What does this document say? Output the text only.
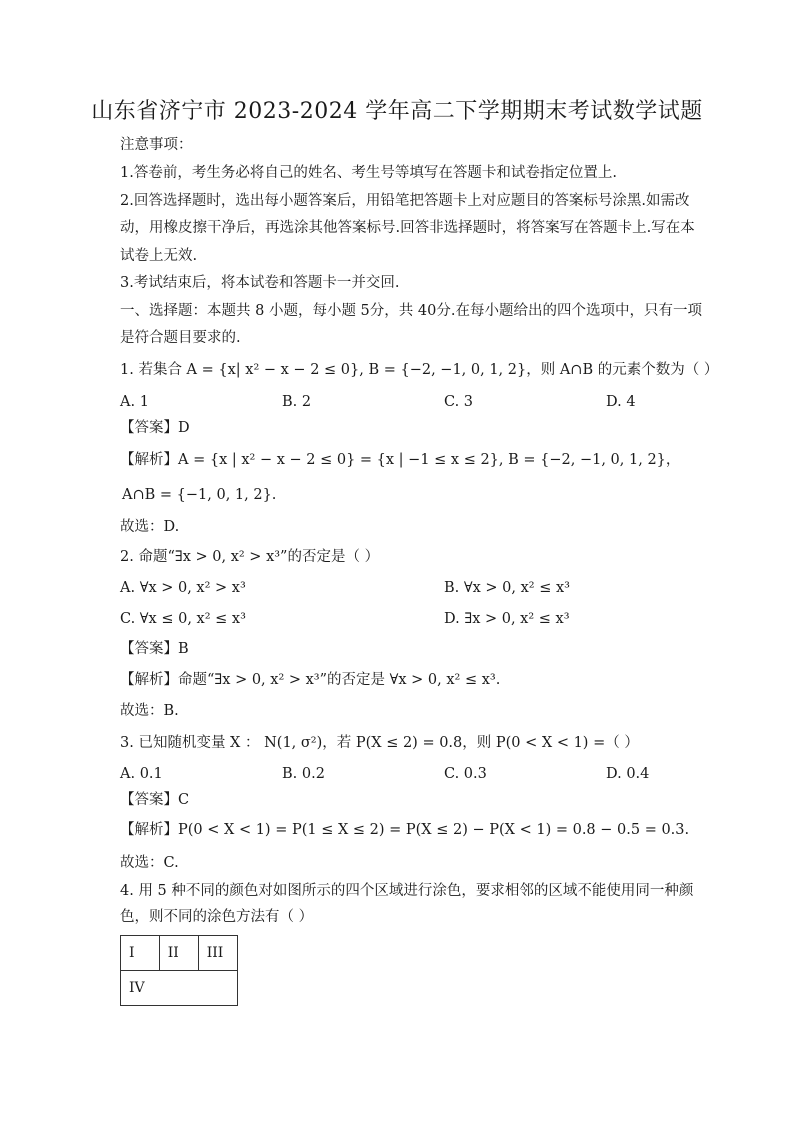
山东省济宁市 2023-2024 学年高二下学期期末考试数学试题
注意事项：
1.答卷前，考生务必将自己的姓名、考生号等填写在答题卡和试卷指定位置上.
2.回答选择题时，选出每小题答案后，用铅笔把答题卡上对应题目的答案标号涂黑.如需改
动，用橡皮擦干净后，再选涂其他答案标号.回答非选择题时，将答案写在答题卡上.写在本
试卷上无效.
3.考试结束后，将本试卷和答题卡一并交回.
一、选择题：本题共 8 小题，每小题 5分，共 40分.在每小题给出的四个选项中，只有一项
是符合题目要求的.
1. 若集合 A = {x| x² − x − 2 ≤ 0}, B = {−2, −1, 0, 1, 2}，则 A∩B 的元素个数为（ ）
A. 1	B. 2	C. 3	D. 4
【答案】D
【解析】A = {x | x² − x − 2 ≤ 0} = {x | −1 ≤ x ≤ 2}, B = {−2, −1, 0, 1, 2}，
A∩B = {−1, 0, 1, 2}.
故选：D.
2. 命题“∃x > 0, x² > x³”的否定是（ ）
A. ∀x > 0, x² > x³	B. ∀x > 0, x² ≤ x³
C. ∀x ≤ 0, x² ≤ x³	D. ∃x > 0, x² ≤ x³
【答案】B
【解析】命题“∃x > 0, x² > x³”的否定是 ∀x > 0, x² ≤ x³.
故选：B.
3. 已知随机变量 X ： N(1, σ²)，若 P(X ≤ 2) = 0.8，则 P(0 < X < 1) =（ ）
A. 0.1	B. 0.2	C. 0.3	D. 0.4
【答案】C
【解析】P(0 < X < 1) = P(1 ≤ X ≤ 2) = P(X ≤ 2) − P(X < 1) = 0.8 − 0.5 = 0.3.
故选：C.
4. 用 5 种不同的颜色对如图所示的四个区域进行涂色，要求相邻的区域不能使用同一种颜
色，则不同的涂色方法有（ ）
I	II	III
IV
